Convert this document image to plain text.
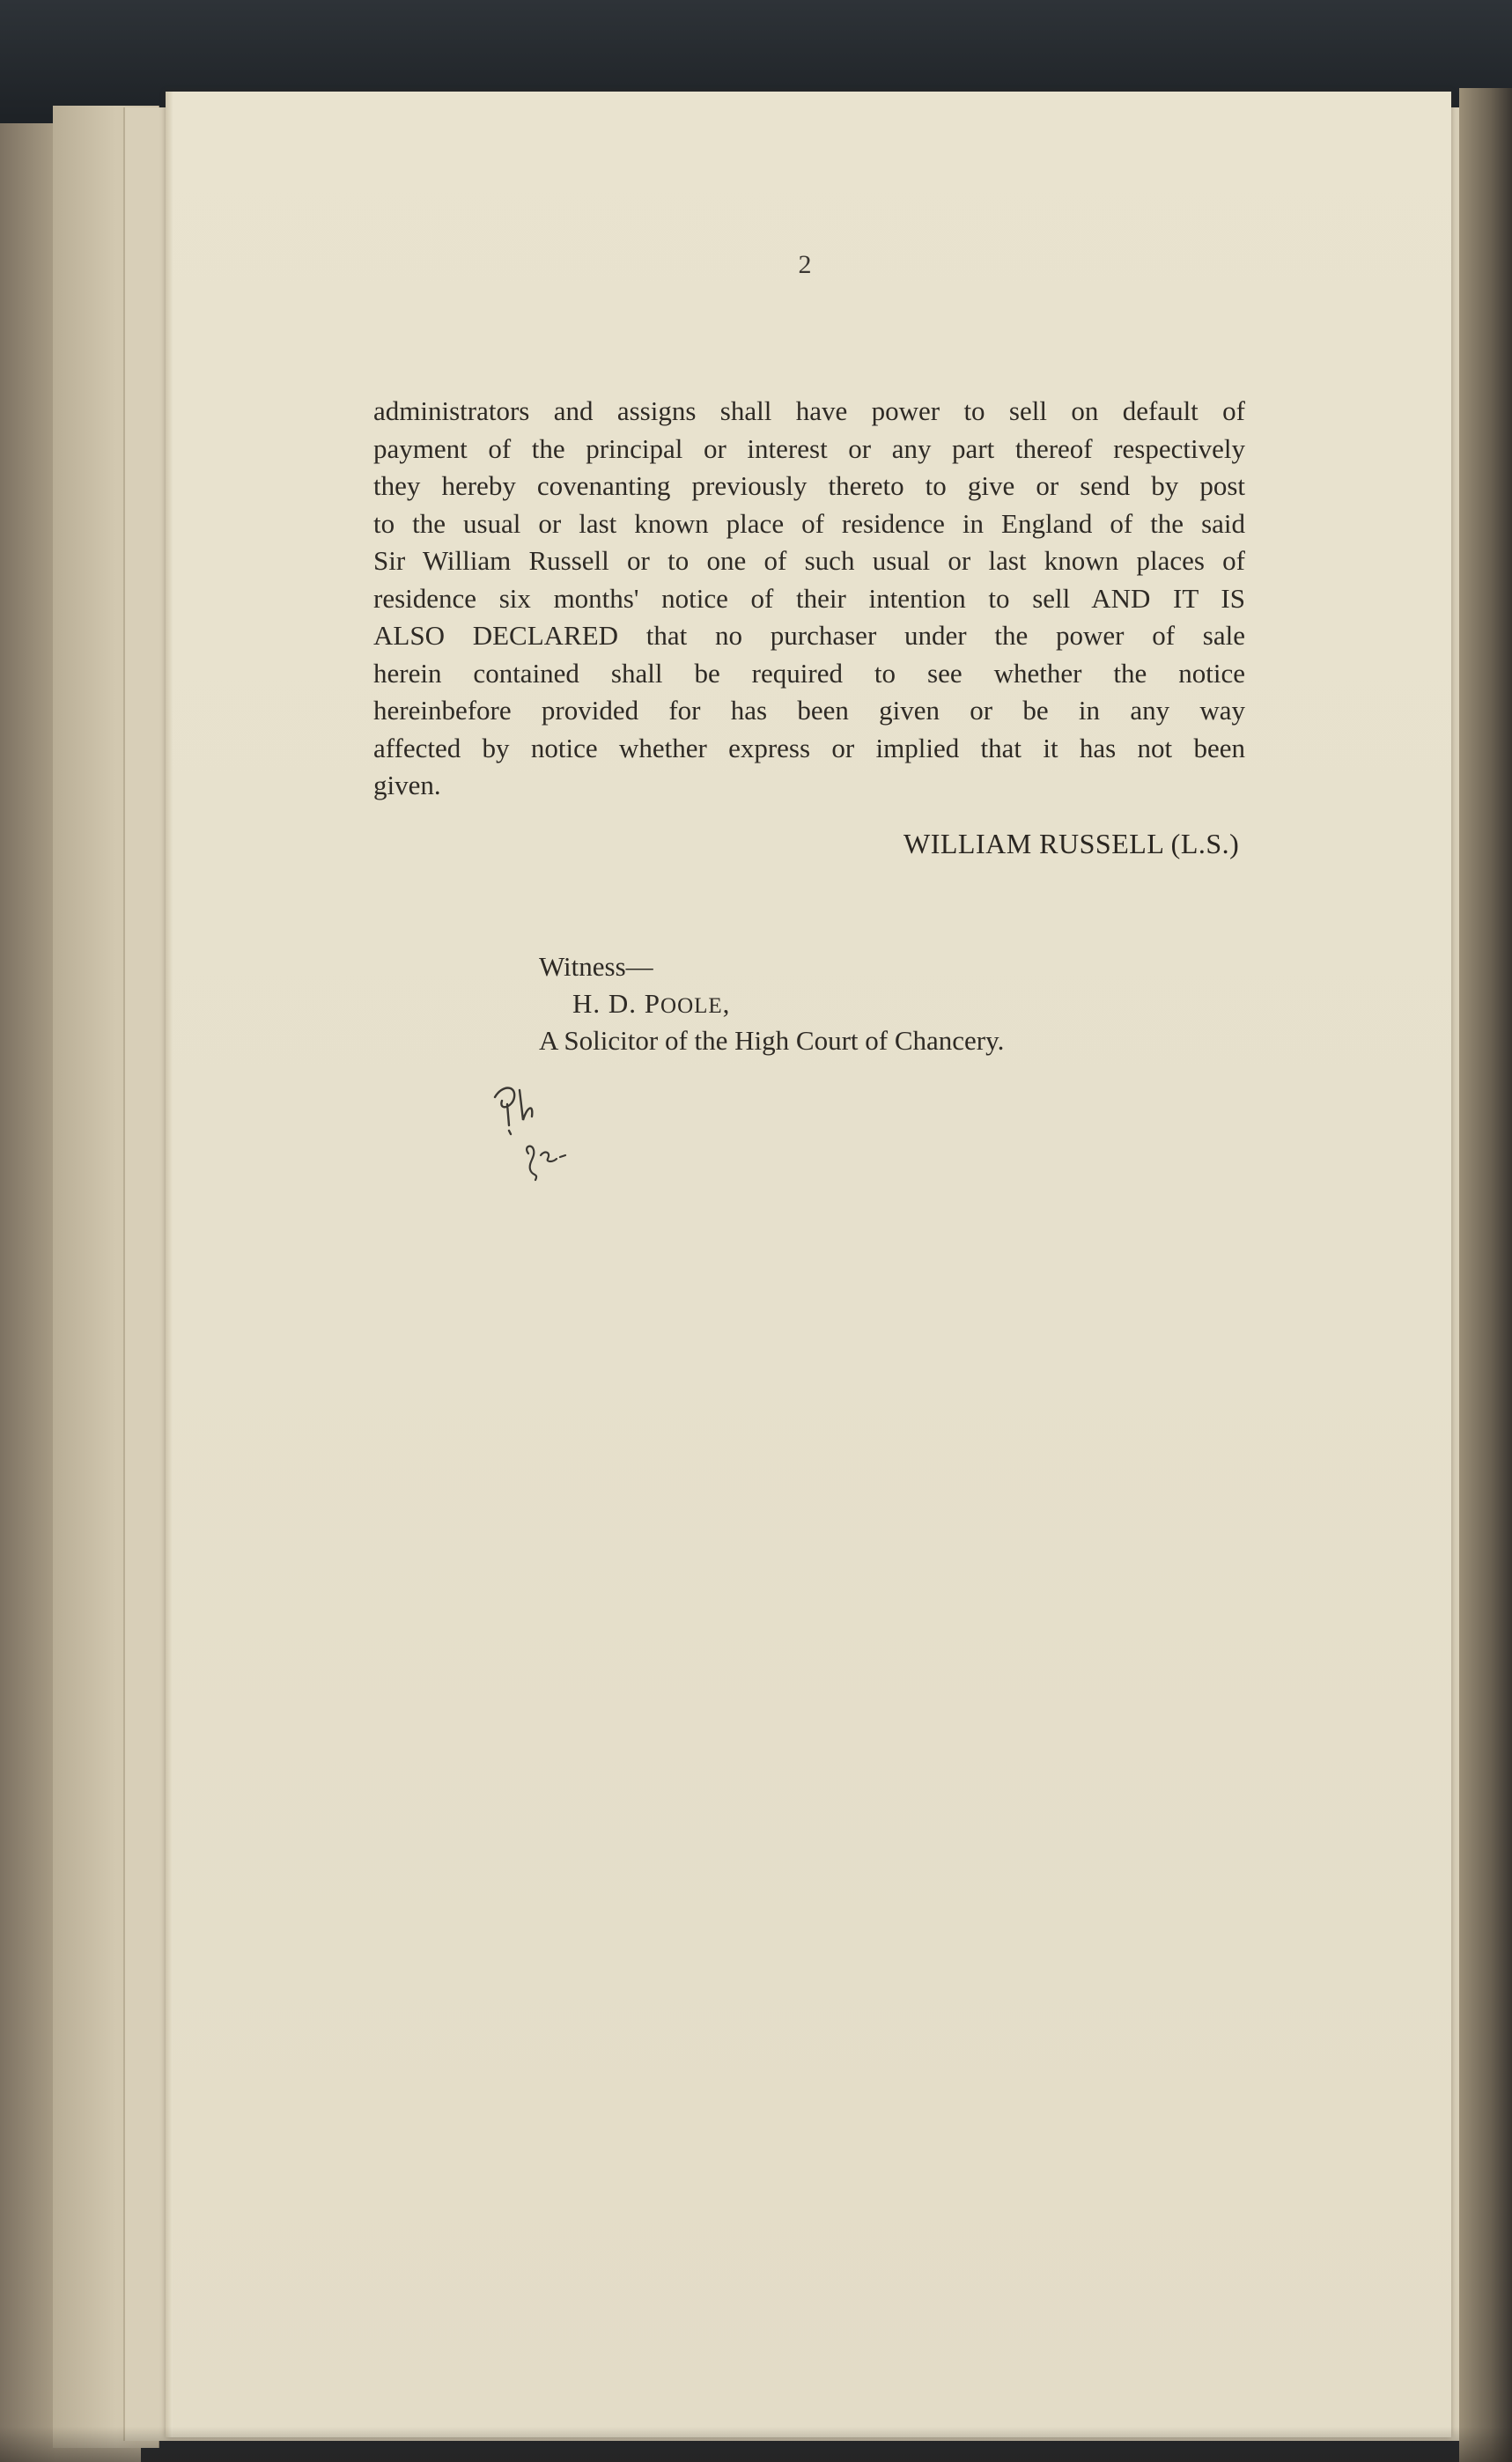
2
administrators and assigns shall have power to sell on default of
payment of the principal or interest or any part thereof respectively
they hereby covenanting previously thereto to give or send by post
to the usual or last known place of residence in England of the said
Sir William Russell or to one of such usual or last known places of
residence six months' notice of their intention to sell AND IT IS
ALSO DECLARED that no purchaser under the power of sale
herein contained shall be required to see whether the notice
hereinbefore provided for has been given or be in any way
affected by notice whether express or implied that it has not been
given.
WILLIAM RUSSELL (L.S.)
Witness—
H. D. POOLE,
A Solicitor of the High Court of Chancery.
